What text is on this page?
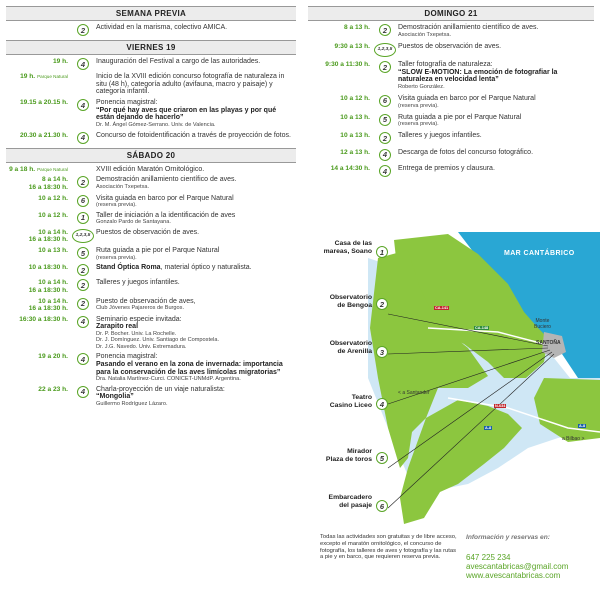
SEMANA PREVIA
2	Actividad en la marisma, colectivo AMICA.
VIERNES 19
19 h.	4	Inauguración del Festival a cargo de las autoridades.
19 h. Parque Natural	Inicio de la XVIII edición concurso fotografía de naturaleza in situ (48 h), categoría adulto (avifauna, macro y paisaje) y categoría infantil.
19.15 a 20.15 h.	4	Ponencia magistral:
“Por qué hay aves que criaron en las playas y por qué están dejando de hacerlo”
Dr. M. Ángel Gómez-Serrano. Univ. de Valencia.
20.30 a 21.30 h.	4	Concurso de fotoidentificación a través de proyección de fotos.
SÁBADO 20
9 a 18 h. Parque Natural	XVIII edición Maratón Ornitológico.
8 a 14 h.
16 a 18:30 h.
2	Demostración anillamiento científico de aves.
Asociación Txepetxa.
10 a 12 h.	6	Visita guiada en barco por el Parque Natural
(reserva previa).
10 a 12 h.	1	Taller de iniciación a la identificación de aves
Gonzalo Pardo de Santayana.
10 a 14 h.
16 a 18:30 h.
1,2,3,5 Puestos de observación de aves.
10 a 13 h.	5	Ruta guiada a pie por el Parque Natural
(reserva previa).
10 a 18:30 h.	2	Stand Óptica Roma, material óptico y naturalista.
10 a 14 h.
16 a 18:30 h.
2	Talleres y juegos infantiles.
10 a 14 h.
16 a 18:30 h.
2	Puesto de observación de aves,
Club Jóvenes Pajareros de Burgos.
16:30 a 18:30 h.	4	Seminario especie invitada:
Zarapito real
Dr. P. Bocher. Univ. La Rochelle.
Dr. J. Domínguez. Univ. Santiago de Compostela.
Dr. J.G. Navedo. Univ. Extremadura.
19 a 20 h.	4	Ponencia magistral:
Pasando el verano en la zona de invernada: importancia para la conservación de las aves limícolas migratorias”
Dra. Natalia Martínez-Curci. CONICET-UNMdP. Argentina.
22 a 23 h.	4	Charla-proyección de un viaje naturalista:
“Mongolia”
Guillermo Rodríguez Lázaro.
DOMINGO 21
8 a 13 h.	2	Demostración anillamiento científico de aves.
Asociación Txepetxa.
9:30 a 13 h.	1,2,3,5 Puestos de observación de aves.
9:30 a 11:30 h.	2	Taller fotografía de naturaleza:
“SLOW E-MOTION: La emoción de fotografiar la naturaleza en velocidad lenta”
Roberto González.
10 a 12 h.	6	Visita guiada en barco por el Parque Natural
(reserva previa).
10 a 13 h.	5	Ruta guiada a pie por el Parque Natural
(reserva previa).
10 a 13 h.	2	Talleres y juegos infantiles.
12 a 13 h.	4	Descarga de fotos del concurso fotográfico.
14 a 14:30 h.	4	Entrega de premios y clausura.
MAR CANTÁBRICO
Monte
Buciero
SANTOÑA
< a Santander
a Bilbao >
CA-141
CA-148
N-634
A-8	A-8
Casa de las
mareas, Soano	1
Observatorio
de Bengoa	2
Observatorio
de Arenilla	3
Teatro
Casino Liceo	4
Mirador
Plaza de toros	5
Embarcadero
del pasaje	6
Todas las actividades son gratuitas y de libre acceso, excepto el maratón ornitológico, el concurso de fotografía, los talleres de aves y fotografía y las rutas a pie y en barco, que requieren reserva previa.
Información y reservas en:
647 225 234
avescantabricas@gmail.com
www.avescantabricas.com
